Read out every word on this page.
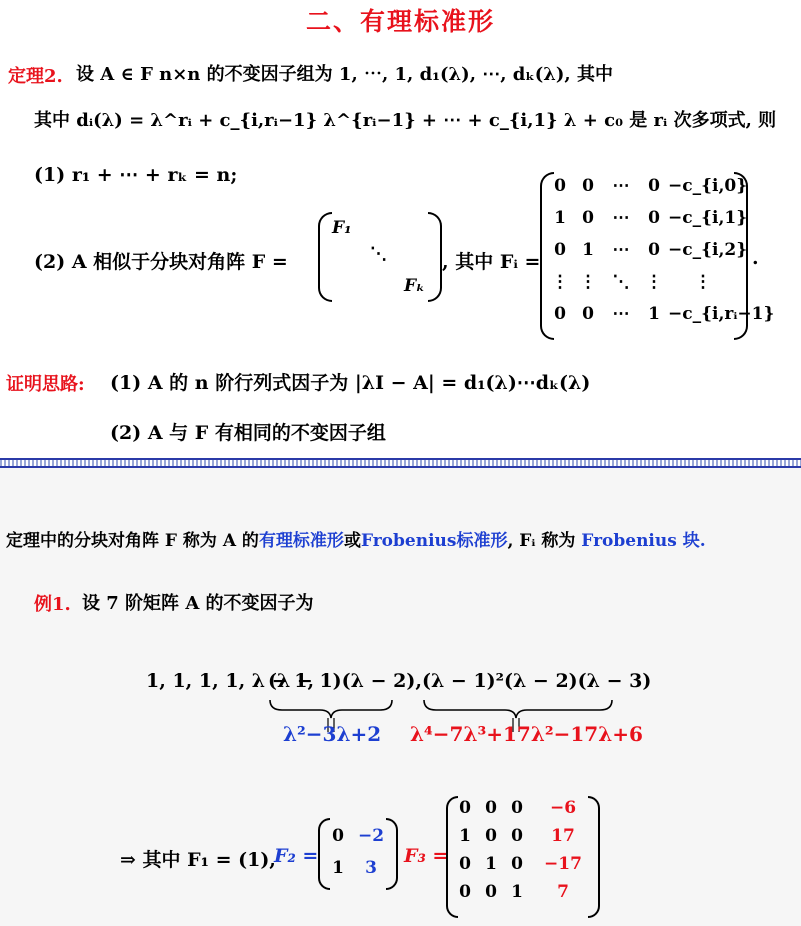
二、有理标准形
定理2. 设 A ∈ F n×n 的不变因子组为 1, ⋯, 1, d₁(λ), ⋯, dₖ(λ), 其中
其中 dᵢ(λ) = λ^rᵢ + c_{i,rᵢ−1} λ^{rᵢ−1} + ⋯ + c_{i,1} λ + c₀ 是 rᵢ 次多项式, 则
(1) r₁ + ⋯ + rₖ = n;
(2) A 相似于分块对角阵 F =
F₁
⋱
Fₖ
, 其中 Fᵢ =
0 0	⋯	0 −c_{i,0}
1 0	⋯	0 −c_{i,1}
0 1	⋯	0 −c_{i,2}
⋮ ⋮ ⋱ ⋮	⋮
0 0	⋯	1 −c_{i,rᵢ−1}
.
证明思路: (1) A 的 n 阶行列式因子为 |λI − A| = d₁(λ)⋯dₖ(λ)
(2) A 与 F 有相同的不变因子组
定理中的分块对角阵 F 称为 A 的有理标准形或Frobenius标准形, Fᵢ 称为 Frobenius 块.
例1. 设 7 阶矩阵 A 的不变因子为
1, 1, 1, 1, λ − 1,
(λ − 1)(λ − 2), (λ − 1)²(λ − 2)(λ − 3)
λ²−3λ+2 λ⁴−7λ³+17λ²−17λ+6
⇒ 其中 F₁ = (1),
F₂ =
0 −2
1	3
F₃ =
0 0 0	−6
1 0 0	17
0 1 0 −17
0 0 1	7
